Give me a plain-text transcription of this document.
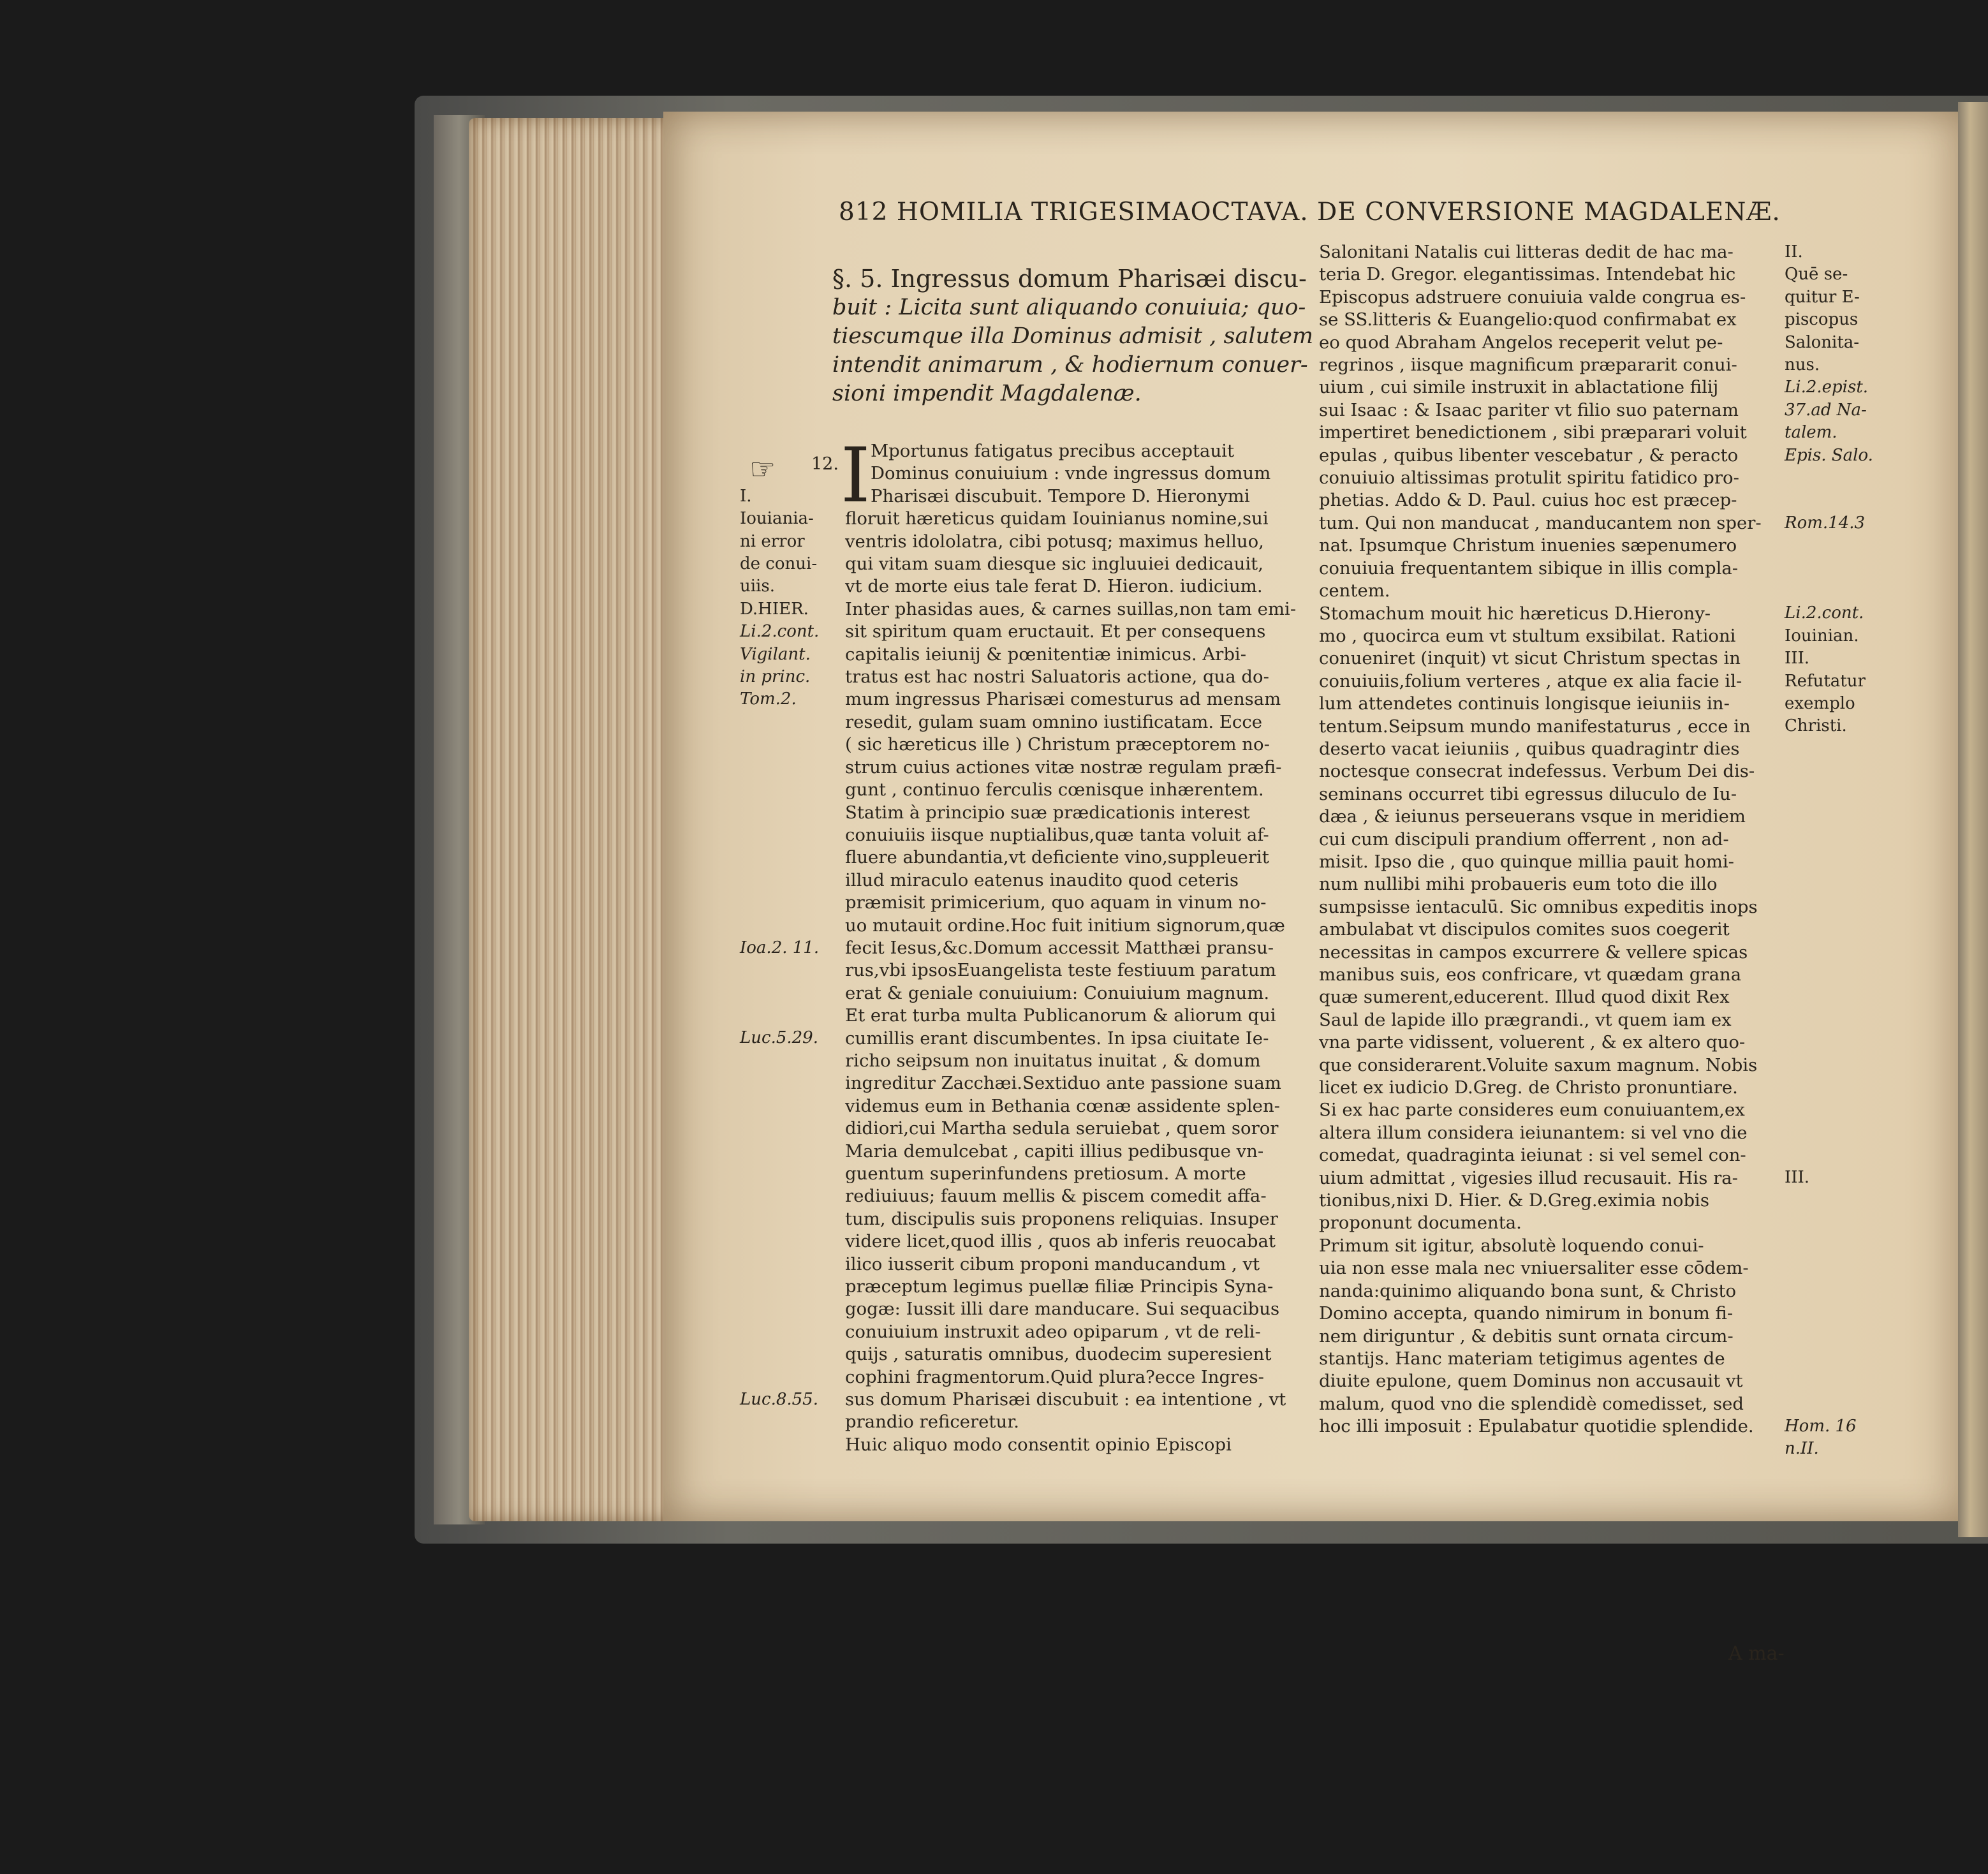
812 HOMILIA TRIGESIMAOCTAVA. DE CONVERSIONE MAGDALENÆ.
§. 5. Ingressus domum Pharisæi discu-
buit : Licita sunt aliquando conuiuia; quo-
tiescumque illa Dominus admisit , salutem
intendit animarum , & hodiernum conuer-
sioni impendit Magdalenæ.
☞ 12. I Mportunus fatigatus precibus acceptauit
Dominus conuiuium : vnde ingressus domum
Pharisæi discubuit. Tempore D. Hieronymi
floruit hæreticus quidam Iouinianus nomine,sui
ventris idololatra, cibi potusq; maximus helluo,
qui vitam suam diesque sic ingluuiei dedicauit,
vt de morte eius tale ferat D. Hieron. iudicium.
Inter phasidas aues, & carnes suillas,non tam emi-
sit spiritum quam eructauit. Et per consequens
capitalis ieiunij & pœnitentiæ inimicus. Arbi-
tratus est hac nostri Saluatoris actione, qua do-
mum ingressus Pharisæi comesturus ad mensam
resedit, gulam suam omnino iustificatam. Ecce
( sic hæreticus ille ) Christum præceptorem no-
strum cuius actiones vitæ nostræ regulam præfi-
gunt , continuo ferculis cœnisque inhærentem.
Statim à principio suæ prædicationis interest
conuiuiis iisque nuptialibus,quæ tanta voluit af-
fluere abundantia,vt deficiente vino,suppleuerit
illud miraculo eatenus inaudito quod ceteris
præmisit primicerium, quo aquam in vinum no-
uo mutauit ordine.Hoc fuit initium signorum,quæ
fecit Iesus,&c.Domum accessit Matthæi pransu-
rus,vbi ipsosEuangelista teste festiuum paratum
erat & geniale conuiuium: Conuiuium magnum.
Et erat turba multa Publicanorum & aliorum qui
cumillis erant discumbentes. In ipsa ciuitate Ie-
richo seipsum non inuitatus inuitat , & domum
ingreditur Zacchæi.Sextiduo ante passione suam
videmus eum in Bethania cœnæ assidente splen-
didiori,cui Martha sedula seruiebat , quem soror
Maria demulcebat , capiti illius pedibusque vn-
guentum superinfundens pretiosum. A morte
rediuiuus; fauum mellis & piscem comedit affa-
tum, discipulis suis proponens reliquias. Insuper
videre licet,quod illis , quos ab inferis reuocabat
ilico iusserit cibum proponi manducandum , vt
præceptum legimus puellæ filiæ Principis Syna-
gogæ: Iussit illi dare manducare. Sui sequacibus
conuiuium instruxit adeo opiparum , vt de reli-
quijs , saturatis omnibus, duodecim superesient
cophini fragmentorum.Quid plura?ecce Ingres-
sus domum Pharisæi discubuit : ea intentione , vt
prandio reficeretur.
Huic aliquo modo consentit opinio Episcopi
Salonitani Natalis cui litteras dedit de hac ma-
teria D. Gregor. elegantissimas. Intendebat hic
Episcopus adstruere conuiuia valde congrua es-
se SS.litteris & Euangelio:quod confirmabat ex
eo quod Abraham Angelos receperit velut pe-
regrinos , iisque magnificum præpararit conui-
uium , cui simile instruxit in ablactatione filij
sui Isaac : & Isaac pariter vt filio suo paternam
impertiret benedictionem , sibi præparari voluit
epulas , quibus libenter vescebatur , & peracto
conuiuio altissimas protulit spiritu fatidico pro-
phetias. Addo & D. Paul. cuius hoc est præcep-
tum. Qui non manducat , manducantem non sper-
nat. Ipsumque Christum inuenies sæpenumero
conuiuia frequentantem sibique in illis compla-
centem.
Stomachum mouit hic hæreticus D.Hierony-
mo , quocirca eum vt stultum exsibilat. Rationi
conueniret (inquit) vt sicut Christum spectas in
conuiuiis,folium verteres , atque ex alia facie il-
lum attendetes continuis longisque ieiuniis in-
tentum.Seipsum mundo manifestaturus , ecce in
deserto vacat ieiuniis , quibus quadragintr dies
noctesque consecrat indefessus. Verbum Dei dis-
seminans occurret tibi egressus diluculo de Iu-
dæa , & ieiunus perseuerans vsque in meridiem
cui cum discipuli prandium offerrent , non ad-
misit. Ipso die , quo quinque millia pauit homi-
num nullibi mihi probaueris eum toto die illo
sumpsisse ientaculū. Sic omnibus expeditis inops
ambulabat vt discipulos comites suos coegerit
necessitas in campos excurrere & vellere spicas
manibus suis, eos confricare, vt quædam grana
quæ sumerent,educerent. Illud quod dixit Rex
Saul de lapide illo prægrandi., vt quem iam ex
vna parte vidissent, voluerent , & ex altero quo-
que considerarent.Voluite saxum magnum. Nobis
licet ex iudicio D.Greg. de Christo pronuntiare.
Si ex hac parte consideres eum conuiuantem,ex
altera illum considera ieiunantem: si vel vno die
comedat, quadraginta ieiunat : si vel semel con-
uium admittat , vigesies illud recusauit. His ra-
tionibus,nixi D. Hier. & D.Greg.eximia nobis
proponunt documenta.
Primum sit igitur, absolutè loquendo conui-
uia non esse mala nec vniuersaliter esse cōdem-
nanda:quinimo aliquando bona sunt, & Christo
Domino accepta, quando nimirum in bonum fi-
nem diriguntur , & debitis sunt ornata circum-
stantijs. Hanc materiam tetigimus agentes de
diuite epulone, quem Dominus non accusauit vt
malum, quod vno die splendidè comedisset, sed
hoc illi imposuit : Epulabatur quotidie splendide.
I.
Iouiania-
ni error
de conui-
uiis.
D.HIER.
Li.2.cont.
Vigilant.
in princ.
Tom.2.
Ioa.2. 11.
Luc.5.29.
Luc.8.55.
II.
Quē se-
quitur E-
piscopus
Salonita-
nus.
Li.2.epist.
37.ad Na-
talem.
Epis. Salo.
Rom.14.3
Li.2.cont.
Iouinian.
III.
Refutatur
exemplo
Christi.
III.
Hom. 16
n.II.
A ma-
